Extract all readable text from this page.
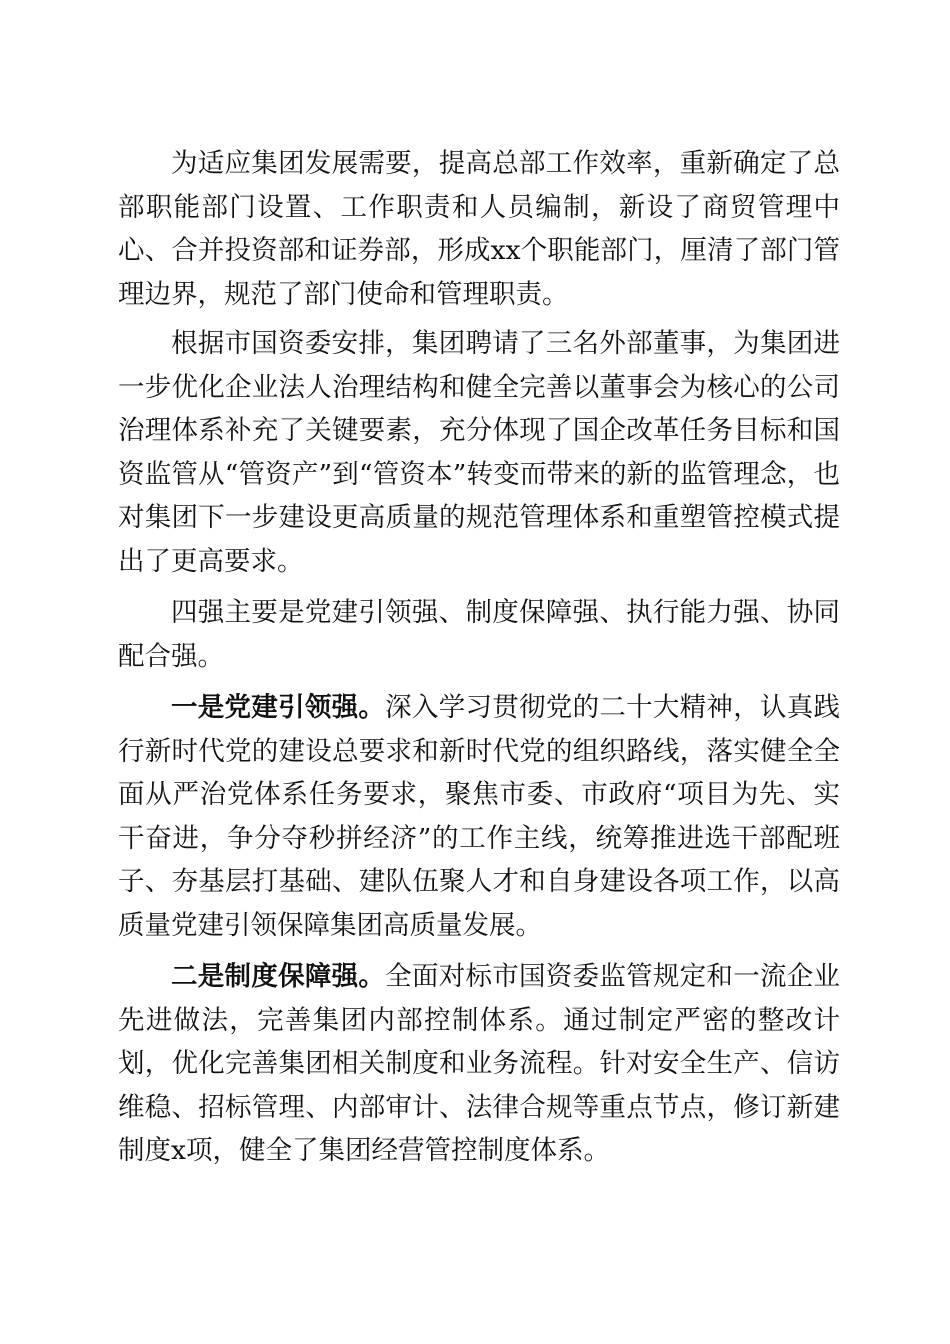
为适应集团发展需要，提高总部工作效率，重新确定了总部职能部门设置、工作职责和人员编制，新设了商贸管理中心、合并投资部和证券部，形成xx个职能部门，厘清了部门管理边界，规范了部门使命和管理职责。

根据市国资委安排，集团聘请了三名外部董事，为集团进一步优化企业法人治理结构和健全完善以董事会为核心的公司治理体系补充了关键要素，充分体现了国企改革任务目标和国资监管从“管资产”到“管资本”转变而带来的新的监管理念，也对集团下一步建设更高质量的规范管理体系和重塑管控模式提出了更高要求。

四强主要是党建引领强、制度保障强、执行能力强、协同配合强。

一是党建引领强。深入学习贯彻党的二十大精神，认真践行新时代党的建设总要求和新时代党的组织路线，落实健全全面从严治党体系任务要求，聚焦市委、市政府“项目为先、实干奋进，争分夺秒拼经济”的工作主线，统筹推进选干部配班子、夯基层打基础、建队伍聚人才和自身建设各项工作，以高质量党建引领保障集团高质量发展。

二是制度保障强。全面对标市国资委监管规定和一流企业先进做法，完善集团内部控制体系。通过制定严密的整改计划，优化完善集团相关制度和业务流程。针对安全生产、信访维稳、招标管理、内部审计、法律合规等重点节点，修订新建制度x项，健全了集团经营管控制度体系。
